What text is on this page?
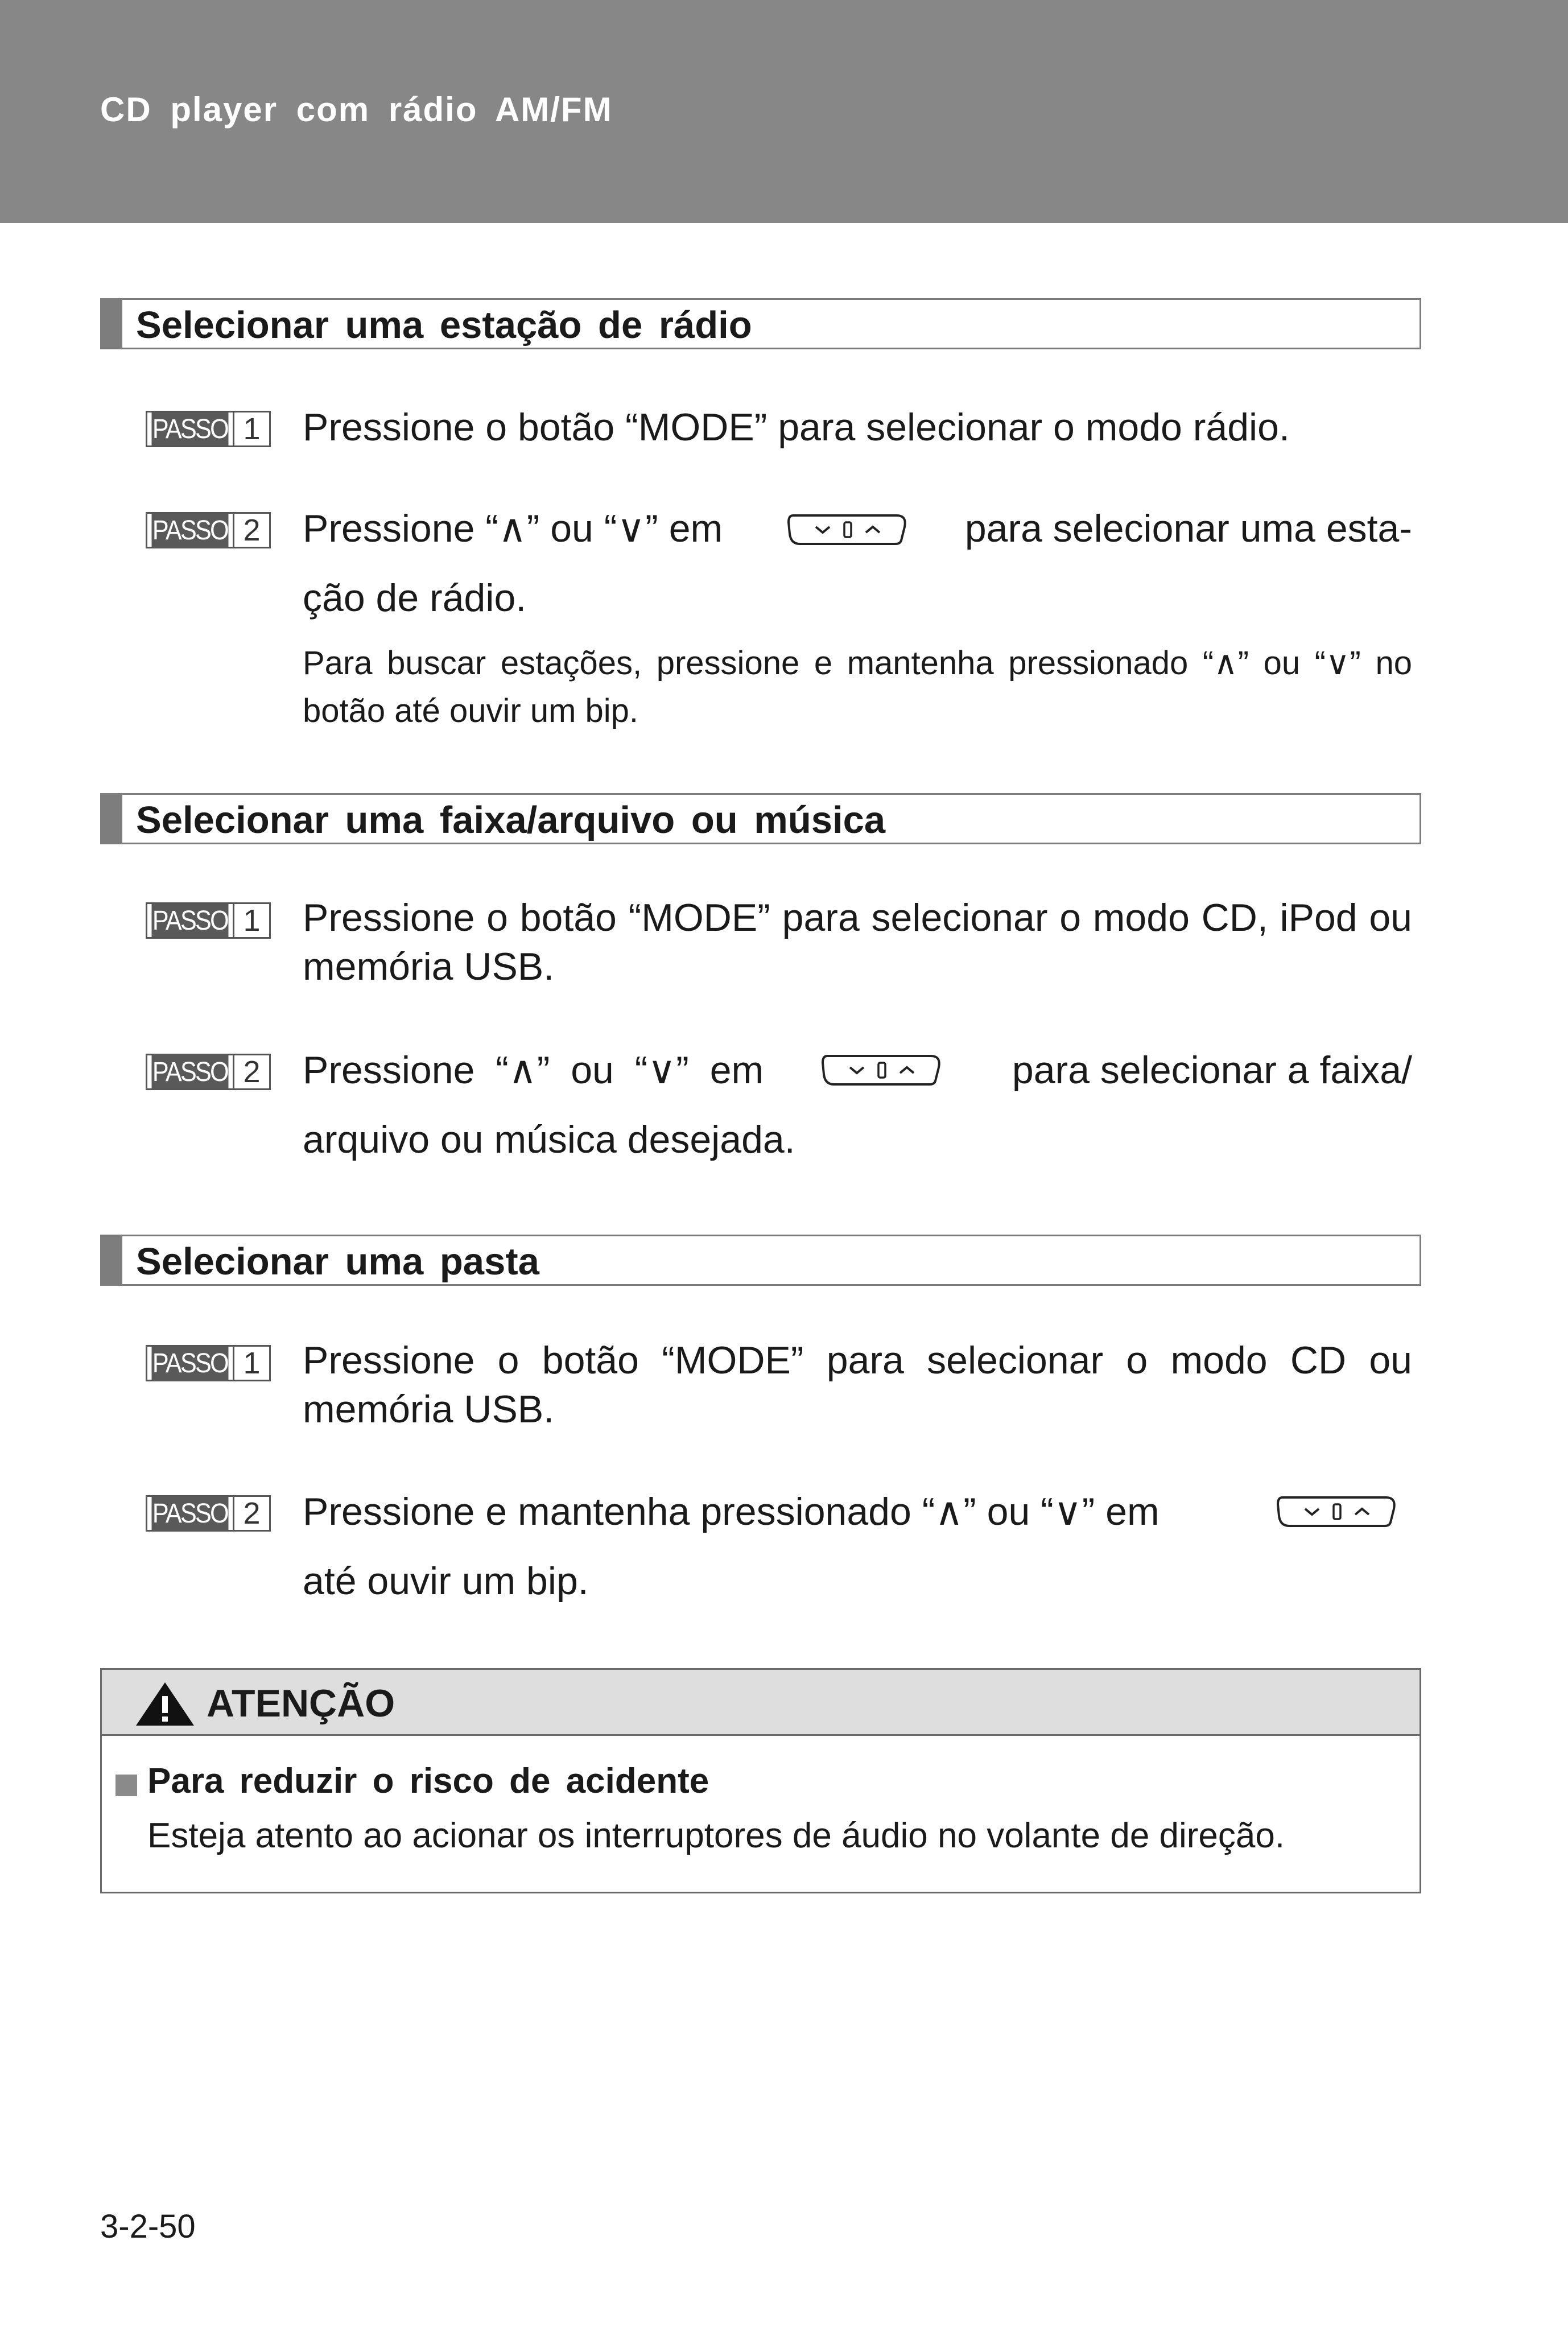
CD player com rádio AM/FM
Selecionar uma estação de rádio
PASSO 1 Pressione o botão “MODE” para selecionar o modo rádio.
PASSO 2 Pressione “∧” ou “∨” em	para selecionar uma esta-
ção de rádio.
Para buscar estações, pressione e mantenha pressionado “∧” ou “∨” no botão até ouvir um bip.
Selecionar uma faixa/arquivo ou música
PASSO 1 Pressione o botão “MODE” para selecionar o modo CD, iPod ou memória USB.
PASSO 2 Pressione “∧” ou “∨” em	para selecionar a faixa/
arquivo ou música desejada.
Selecionar uma pasta
PASSO 1 Pressione o botão “MODE” para selecionar o modo CD ou memória USB.
PASSO 2 Pressione e mantenha pressionado “∧” ou “∨” em
até ouvir um bip.
ATENÇÃO
Para reduzir o risco de acidente
Esteja atento ao acionar os interruptores de áudio no volante de direção.
3-2-50
